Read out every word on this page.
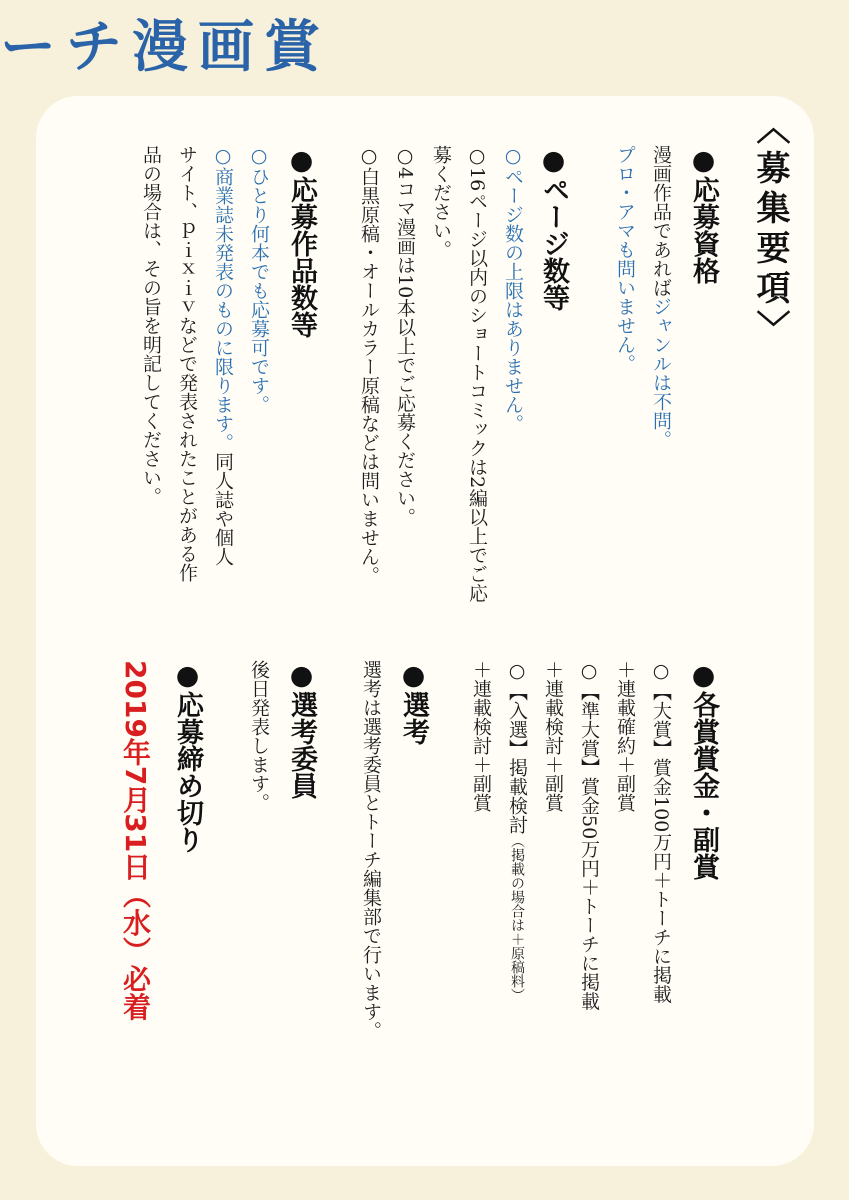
ーチ漫画賞
〈募集要項〉
●応募資格
漫画作品であればジャンルは不問。
プロ・アマも問いません。
●ページ数等
○ページ数の上限はありません。
○16ページ以内のショートコミックは2編以上でご応
募ください。
○4コマ漫画は10本以上でご応募ください。
○白黒原稿・オールカラー原稿などは問いません。
●応募作品数等
○ひとり何本でも応募可です。
○商業誌未発表のものに限ります。同人誌や個人
サイト、ｐｉｘｉｖなどで発表されたことがある作
品の場合は、その旨を明記してください。
●各賞賞金・副賞
○【大賞】賞金100万円＋トーチに掲載
＋連載確約＋副賞
○【準大賞】賞金50万円＋トーチに掲載
＋連載検討＋副賞
○【入選】掲載検討（掲載の場合は＋原稿料）
＋連載検討＋副賞
●選考
選考は選考委員とトーチ編集部で行います。
●選考委員
後日発表します。
●応募締め切り
2019年7月31日（水）必着
